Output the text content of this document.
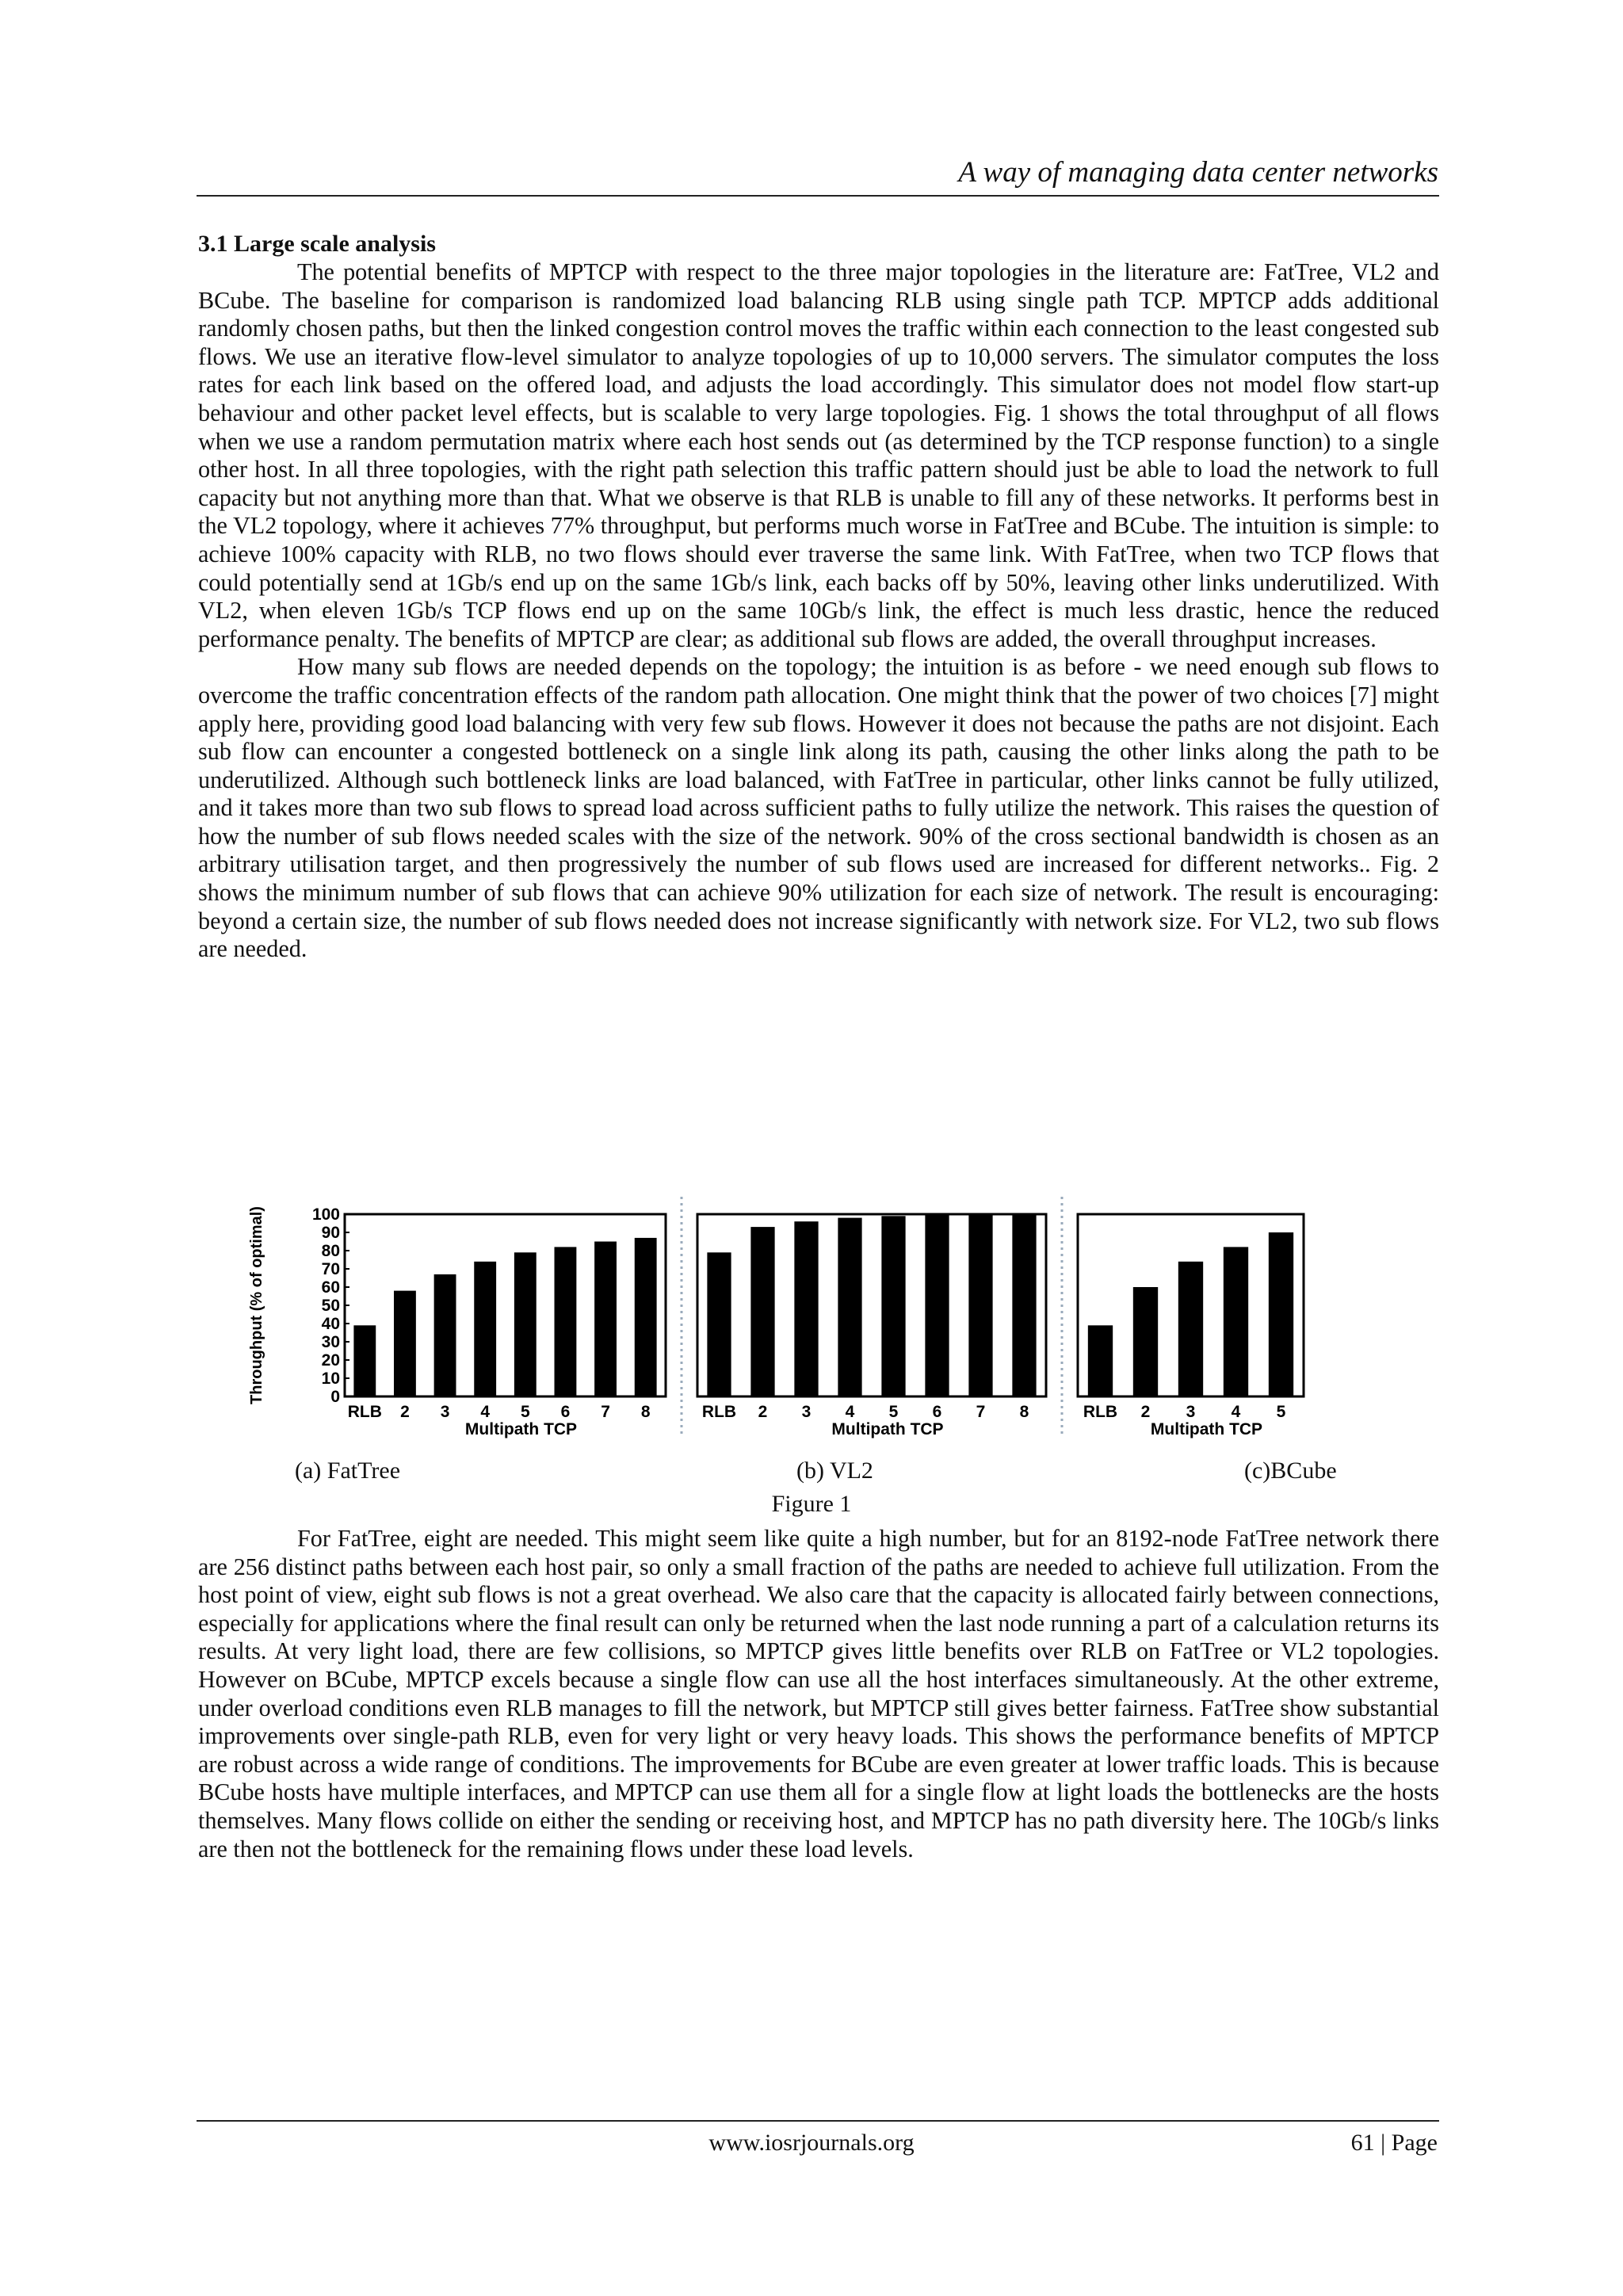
A way of managing data center networks
3.1 Large scale analysis

The potential benefits of MPTCP with respect to the three major topologies in the literature are: FatTree, VL2 and BCube. The baseline for comparison is randomized load balancing RLB using single path TCP. MPTCP adds additional randomly chosen paths, but then the linked congestion control moves the traffic within each connection to the least congested sub flows. We use an iterative flow-level simulator to analyze topologies of up to 10,000 servers. The simulator computes the loss rates for each link based on the offered load, and adjusts the load accordingly. This simulator does not model flow start-up behaviour and other packet level effects, but is scalable to very large topologies. Fig. 1 shows the total throughput of all flows when we use a random permutation matrix where each host sends out (as determined by the TCP response function) to a single other host. In all three topologies, with the right path selection this traffic pattern should just be able to load the network to full capacity but not anything more than that. What we observe is that RLB is unable to fill any of these networks. It performs best in the VL2 topology, where it achieves 77% throughput, but performs much worse in FatTree and BCube. The intuition is simple: to achieve 100% capacity with RLB, no two flows should ever traverse the same link. With FatTree, when two TCP flows that could potentially send at 1Gb/s end up on the same 1Gb/s link, each backs off by 50%, leaving other links underutilized. With VL2, when eleven 1Gb/s TCP flows end up on the same 10Gb/s link, the effect is much less drastic, hence the reduced performance penalty. The benefits of MPTCP are clear; as additional sub flows are added, the overall throughput increases.

How many sub flows are needed depends on the topology; the intuition is as before - we need enough sub flows to overcome the traffic concentration effects of the random path allocation. One might think that the power of two choices [7] might apply here, providing good load balancing with very few sub flows. However it does not because the paths are not disjoint. Each sub flow can encounter a congested bottleneck on a single link along its path, causing the other links along the path to be underutilized. Although such bottleneck links are load balanced, with FatTree in particular, other links cannot be fully utilized, and it takes more than two sub flows to spread load across sufficient paths to fully utilize the network. This raises the question of how the number of sub flows needed scales with the size of the network. 90% of the cross sectional bandwidth is chosen as an arbitrary utilisation target, and then progressively the number of sub flows used are increased for different networks.. Fig. 2 shows the minimum number of sub flows that can achieve 90% utilization for each size of network. The result is encouraging: beyond a certain size, the number of sub flows needed does not increase significantly with network size. For VL2, two sub flows are needed.

Throughput (% of optimal)	0
10
20
30
40
50
60
70
80
90
100
RLB 2 3 4 5 6 7 8
Multipath TCP
RLB 2 3 4 5 6 7 8
Multipath TCP
RLB 2 3 4 5
Multipath TCP
(a) FatTree	(b) VL2	(c)BCube
Figure 1

For FatTree, eight are needed. This might seem like quite a high number, but for an 8192-node FatTree network there are 256 distinct paths between each host pair, so only a small fraction of the paths are needed to achieve full utilization. From the host point of view, eight sub flows is not a great overhead. We also care that the capacity is allocated fairly between connections, especially for applications where the final result can only be returned when the last node running a part of a calculation returns its results. At very light load, there are few collisions, so MPTCP gives little benefits over RLB on FatTree or VL2 topologies. However on BCube, MPTCP excels because a single flow can use all the host interfaces simultaneously. At the other extreme, under overload conditions even RLB manages to fill the network, but MPTCP still gives better fairness. FatTree show substantial improvements over single-path RLB, even for very light or very heavy loads. This shows the performance benefits of MPTCP are robust across a wide range of conditions. The improvements for BCube are even greater at lower traffic loads. This is because BCube hosts have multiple interfaces, and MPTCP can use them all for a single flow at light loads the bottlenecks are the hosts themselves. Many flows collide on either the sending or receiving host, and MPTCP has no path diversity here. The 10Gb/s links are then not the bottleneck for the remaining flows under these load levels.

www.iosrjournals.org	61 | Page
